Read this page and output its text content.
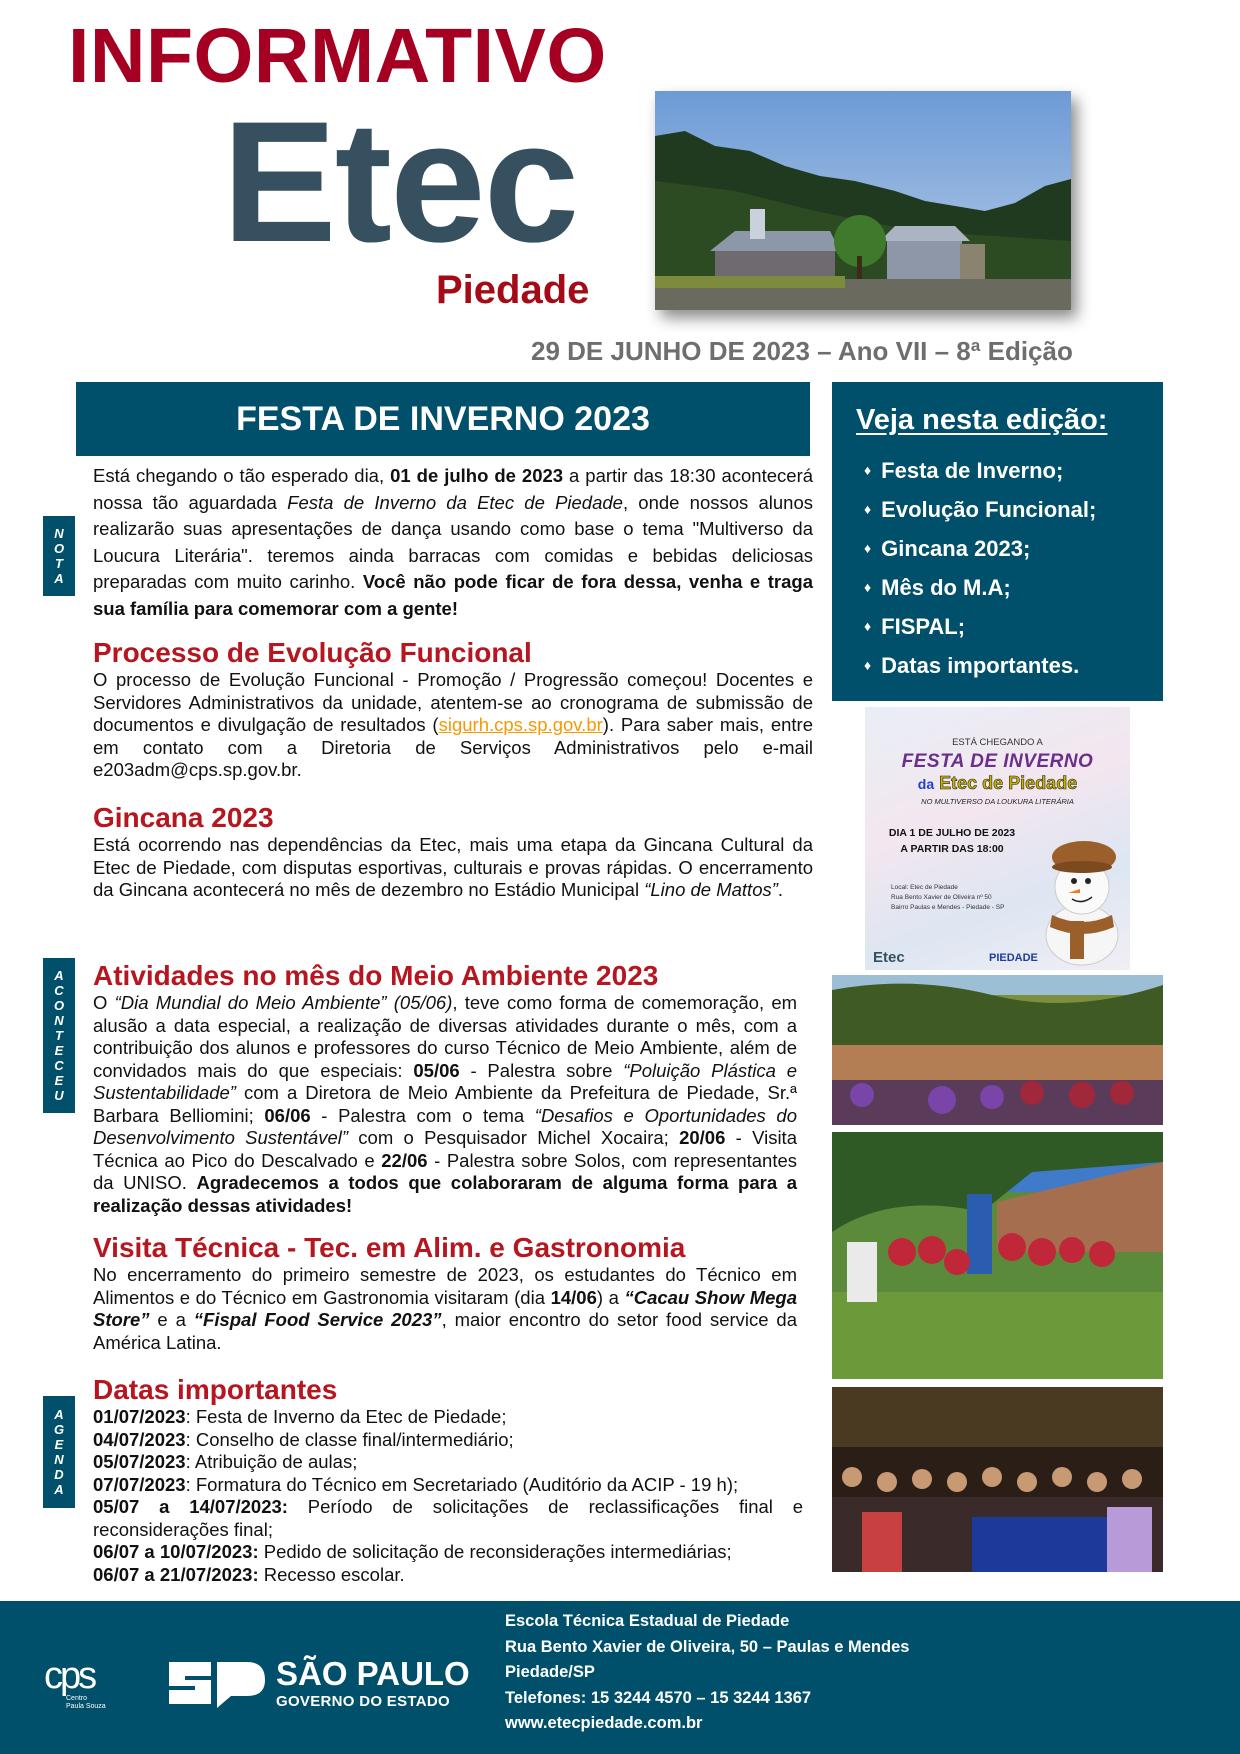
INFORMATIVO
Etec
Piedade
29 DE JUNHO DE 2023 – Ano VII – 8ª Edição
FESTA DE INVERNO 2023
N
O
T
A
A
C
O
N
T
E
C
E
U
A
G
E
N
D
A

Está chegando o tão esperado dia, 01 de julho de 2023 a partir das 18:30 acontecerá nossa tão aguardada Festa de Inverno da Etec de Piedade, onde nossos alunos realizarão suas apresentações de dança usando como base o tema "Multiverso da Loucura Literária". teremos ainda barracas com comidas e bebidas deliciosas preparadas com muito carinho. Você não pode ficar de fora dessa, venha e traga sua família para comemorar com a gente!

Processo de Evolução Funcional

O processo de Evolução Funcional - Promoção / Progressão começou! Docentes e Servidores Administrativos da unidade, atentem-se ao cronograma de submissão de documentos e divulgação de resultados (sigurh.cps.sp.gov.br). Para saber mais, entre em contato com a Diretoria de Serviços Administrativos pelo e-mail e203adm@cps.sp.gov.br.

Gincana 2023

Está ocorrendo nas dependências da Etec, mais uma etapa da Gincana Cultural da Etec de Piedade, com disputas esportivas, culturais e provas rápidas. O encerramento da Gincana acontecerá no mês de dezembro no Estádio Municipal “Lino de Mattos”.

Atividades no mês do Meio Ambiente 2023

O “Dia Mundial do Meio Ambiente” (05/06), teve como forma de comemoração, em alusão a data especial, a realização de diversas atividades durante o mês, com a contribuição dos alunos e professores do curso Técnico de Meio Ambiente, além de convidados mais do que especiais: 05/06 - Palestra sobre “Poluição Plástica e Sustentabilidade” com a Diretora de Meio Ambiente da Prefeitura de Piedade, Sr.ª Barbara Belliomini; 06/06 - Palestra com o tema “Desafios e Oportunidades do Desenvolvimento Sustentável” com o Pesquisador Michel Xocaira; 20/06 - Visita Técnica ao Pico do Descalvado e 22/06 - Palestra sobre Solos, com representantes da UNISO. Agradecemos a todos que colaboraram de alguma forma para a realização dessas atividades!

Visita Técnica - Tec. em Alim. e Gastronomia

No encerramento do primeiro semestre de 2023, os estudantes do Técnico em Alimentos e do Técnico em Gastronomia visitaram (dia 14/06) a “Cacau Show Mega Store” e a “Fispal Food Service 2023”, maior encontro do setor food service da América Latina.

Datas importantes
01/07/2023: Festa de Inverno da Etec de Piedade;
04/07/2023: Conselho de classe final/intermediário;
05/07/2023: Atribuição de aulas;
07/07/2023: Formatura do Técnico em Secretariado (Auditório da ACIP - 19 h);
05/07 a 14/07/2023: Período de solicitações de reclassificações final e reconsiderações final;
06/07 a 10/07/2023: Pedido de solicitação de reconsiderações intermediárias;
06/07 a 21/07/2023: Recesso escolar.
Veja nesta edição:
♦ Festa de Inverno;
♦ Evolução Funcional;
♦ Gincana 2023;
♦ Mês do M.A;
♦ FISPAL;
♦ Datas importantes.
ESTÁ CHEGANDO A
FESTA DE INVERNO
da Etec de Piedade
NO MULTIVERSO DA LOUKURA LITERÁRIA
DIA 1 DE JULHO DE 2023
A PARTIR DAS 18:00
Local: Etec de Piedade
Rua Bento Xavier de Oliveira nº 50
Bairro Paulas e Mendes - Piedade - SP
Etec	PIEDADE
cps
Centro
Paula Souza
SÃO PAULO
GOVERNO DO ESTADO
Escola Técnica Estadual de Piedade
Rua Bento Xavier de Oliveira, 50 – Paulas e Mendes
Piedade/SP
Telefones: 15 3244 4570 – 15 3244 1367
www.etecpiedade.com.br
